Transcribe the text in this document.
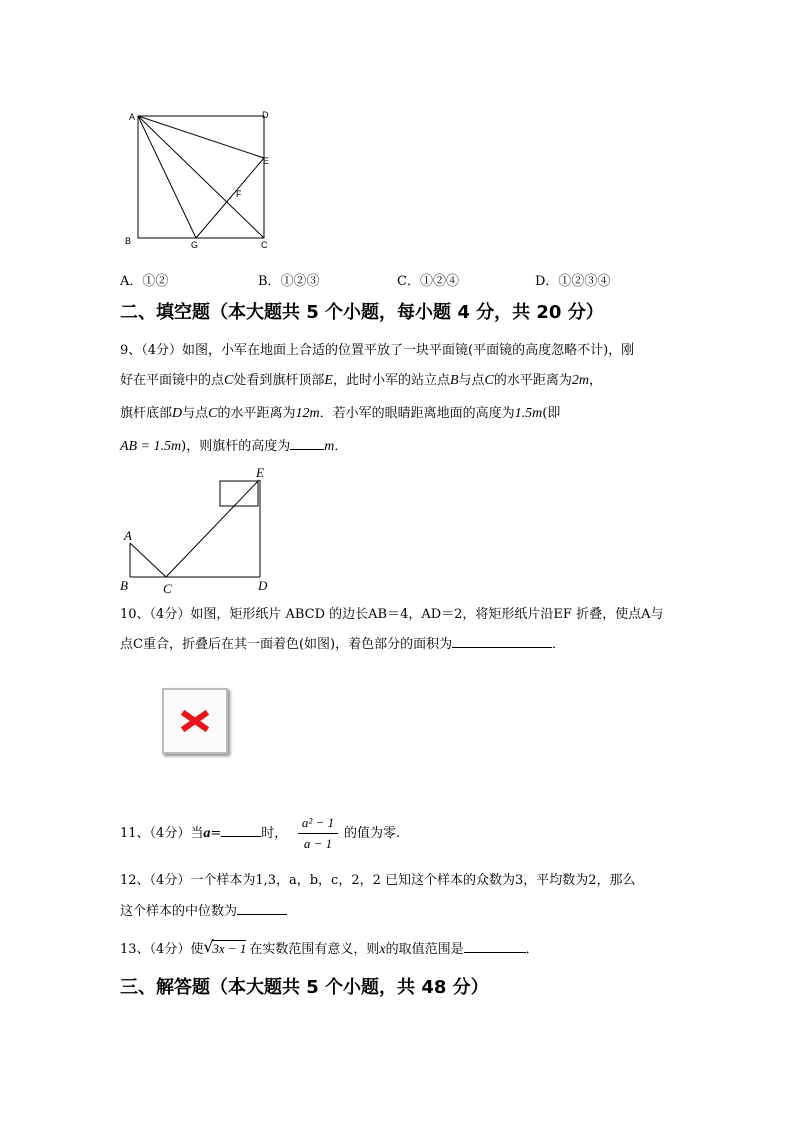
A	D
E
F
B	G	C
A．①②	B．①②③	C．①②④	D．①②③④
二、填空题（本大题共 5 个小题，每小题 4 分，共 20 分）
9、（4分）如图，小军在地面上合适的位置平放了一块平面镜(平面镜的高度忽略不计)，刚
好在平面镜中的点C处看到旗杆顶部E，此时小军的站立点B与点C的水平距离为2m，
旗杆底部D与点C的水平距离为12m．若小军的眼睛距离地面的高度为1.5m(即
AB = 1.5m)，则旗杆的高度为 m．
E
A
B	C	D
10、（4分）如图，矩形纸片 ABCD 的边长AB＝4，AD＝2，将矩形纸片沿EF 折叠，使点A与
点C重合，折叠后在其一面着色(如图)，着色部分的面积为	．
11、（4分）当a=	时，
a² − 1
a − 1
的值为零.
12、（4分）一个样本为1,3，a，b，c，2，2 已知这个样本的众数为3，平均数为2，那么
这个样本的中位数为
13、（4分）使 √
3x − 1 在实数范围有意义，则x的取值范围是	．
三、解答题（本大题共 5 个小题，共 48 分）
